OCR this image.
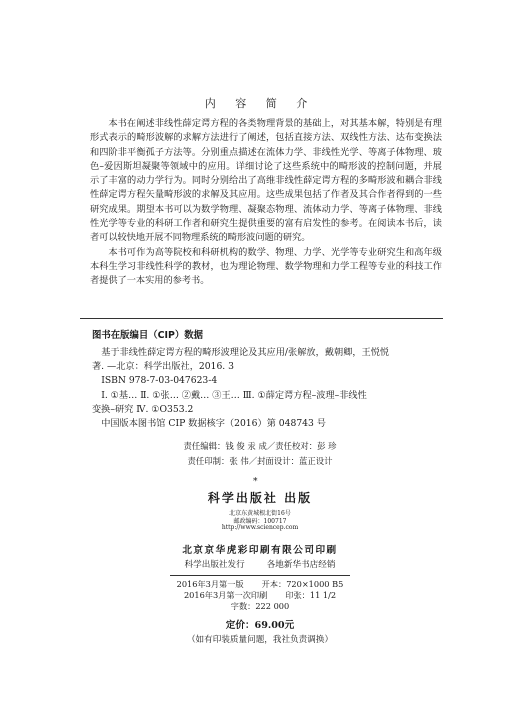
内 容 简 介

本书在阐述非线性薛定谔方程的各类物理背景的基础上，对其基本解，特别是有理形式表示的畸形波解的求解方法进行了阐述，包括直接方法、双线性方法、达布变换法和四阶非平衡孤子方法等。分别重点描述在流体力学、非线性光学、等离子体物理、玻色–爱因斯坦凝聚等领域中的应用。详细讨论了这些系统中的畸形波的控制问题，并展示了丰富的动力学行为。同时分别给出了高维非线性薛定谔方程的多畸形波和耦合非线性薛定谔方程矢量畸形波的求解及其应用。这些成果包括了作者及其合作者得到的一些研究成果。期望本书可以为数学物理、凝聚态物理、流体动力学、等离子体物理、非线性光学等专业的科研工作者和研究生提供重要的富有启发性的参考。在阅读本书后，读者可以较快地开展不同物理系统的畸形波问题的研究。

本书可作为高等院校和科研机构的数学、物理、力学、光学等专业研究生和高年级本科生学习非线性科学的教材，也为理论物理、数学物理和力学工程等专业的科技工作者提供了一本实用的参考书。

图书在版编目（CIP）数据
基于非线性薛定谔方程的畸形波理论及其应用/张解放，戴朝卿，王悦悦
著. —北京：科学出版社，2016. 3
ISBN 978-7-03-047623-4
Ⅰ. ①基… Ⅱ. ①张… ②戴… ③王… Ⅲ. ①薛定谔方程–波理–非线性
变换–研究 Ⅳ. ①O353.2
中国版本图书馆 CIP 数据核字（2016）第 048743 号
责任编辑：钱 俊 汞 成／责任校对：彭 珍
责任印制：张 伟／封面设计：蓝正设计
*
科学出版社 出版
北京东黄城根北街16号
邮政编码：100717
http://www.sciencep.com
北京京华虎彩印刷有限公司印刷
科学出版社发行	各地新华书店经销
2016年3月第一版 开本：720×1000 B5
2016年3月第一次印刷 印张：11 1/2
字数：222 000
定价：69.00元
（如有印装质量问题，我社负责调换）
